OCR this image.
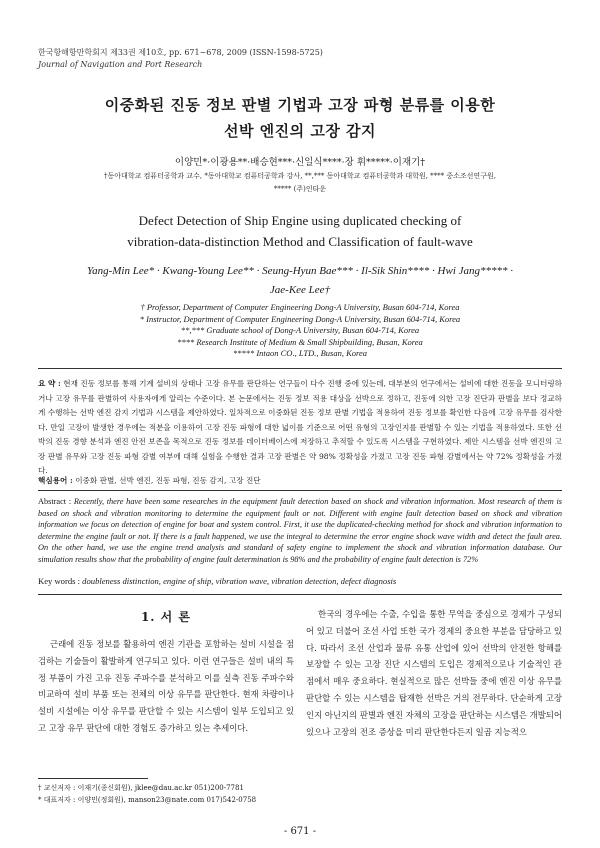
한국항해항만학회지 제33권 제10호, pp. 671∼678, 2009 (ISSN-1598-5725)
Journal of Navigation and Port Research
이중화된 진동 정보 판별 기법과 고장 파형 분류를 이용한
선박 엔진의 고장 감지
이양민*·이광용**·배승현***·신일식****·장 휘*****·이재기†
†동아대학교 컴퓨터공학과 교수, *동아대학교 컴퓨터공학과 강사, **,*** 동아대학교 컴퓨터공학과 대학원, **** 중소조선연구원,
***** (주)인타운
Defect Detection of Ship Engine using duplicated checking of
vibration-data-distinction Method and Classification of fault-wave
Yang-Min Lee* · Kwang-Young Lee** · Seung-Hyun Bae*** · Il-Sik Shin**** · Hwi Jang***** ·
Jae-Kee Lee†
† Professor, Department of Computer Engineering Dong-A University, Busan 604-714, Korea
* Instructor, Department of Computer Engineering Dong-A University, Busan 604-714, Korea
**,*** Graduate school of Dong-A University, Busan 604-714, Korea
**** Research Institute of Medium & Small Shipbuilding, Busan, Korea
***** Intaon CO., LTD., Busan, Korea
요 약 : 현재 진동 정보를 통해 기계 설비의 상태나 고장 유무를 판단하는 연구들이 다수 진행 중에 있는데, 대부분의 연구에서는 설비에 대한 진동을 모니터링하거나 고장 유무를 판별하여 사용자에게 알리는 수준이다. 본 논문에서는 진동 정보 적용 대상을 선박으로 정하고, 진동에 의한 고장 진단과 판별을 보다 정교하게 수행하는 선박 엔진 감지 기법과 시스템을 제안하였다. 일차적으로 이중화된 진동 정보 판별 기법을 적용하여 진동 정보를 확인한 다음에 고장 유무를 검사한다. 만일 고장이 발생한 경우에는 적분을 이용하여 고장 진동 파형에 대한 넓이를 기준으로 어떤 유형의 고장인지를 판별할 수 있는 기법을 적용하였다. 또한 선박의 진동 경향 분석과 엔진 안전 보존을 목적으로 진동 정보를 데이터베이스에 저장하고 추적할 수 있도록 시스템을 구현하였다. 제안 시스템을 선박 엔진의 고장 판별 유무와 고장 진동 파형 감별 여부에 대해 실험을 수행한 결과 고장 판별은 약 98% 정확성을 가졌고 고장 진동 파형 감별에서는 약 72% 정확성을 가졌다.
핵심용어 : 이중화 판별, 선박 엔진, 진동 파형, 진동 감지, 고장 진단
Abstract : Recently, there have been some researches in the equipment fault detection based on shock and vibration information. Most research of them is based on shock and vibration monitoring to determine the equipment fault or not. Different with engine fault detection based on shock and vibration information we focus on detection of engine for boat and system control. First, it use the duplicated-checking method for shock and vibration information to determine the engine fault or not. If there is a fault happened, we use the integral to determine the error engine shock wave width and detect the fault area. On the other hand, we use the engine trend analysis and standard of safety engine to implement the shock and vibration information database. Our simulation results show that the probability of engine fault determination is 98% and the probability of engine fault detection is 72%
Key words : doubleness distinction, engine of ship, vibration wave, vibration detection, defect diagnosis
1. 서 론

근래에 진동 정보를 활용하여 엔진 기관을 포함하는 설비 시설을 점검하는 기술들이 활발하게 연구되고 있다. 이런 연구들은 설비 내의 특정 부품이 가진 고유 진동 주파수를 분석하고 이를 실측 진동 주파수와 비교하여 설비 부품 또는 전체의 이상 유무를 판단한다. 현재 차량이나 설비 시설에는 이상 유무를 판단할 수 있는 시스템이 일부 도입되고 있고 고장 유무 판단에 대한 경험도 증가하고 있는 추세이다.

한국의 경우에는 수출, 수입을 통한 무역을 중심으로 경제가 구성되어 있고 더불어 조선 사업 또한 국가 경제의 중요한 부분을 담당하고 있다. 따라서 조선 산업과 물류 유통 산업에 있어 선박의 안전한 항해를 보장할 수 있는 고장 진단 시스템의 도입은 경제적으로나 기술적인 관점에서 매우 중요하다. 현실적으로 많은 선박들 중에 엔진 이상 유무를 판단할 수 있는 시스템을 탑재한 선박은 거의 전무하다. 단순하게 고장인지 아닌지의 판별과 엔진 자체의 고장을 판단하는 시스템은 개발되어 있으나 고장의 전조 증상을 미리 판단한다든지 일곱 지능적으

† 교신저자 : 이재기(종신회원), jklee@dau.ac.kr 051)200-7781
* 대표저자 : 이양민(정회원), manson23@nate.com 017)542-0758
- 671 -
